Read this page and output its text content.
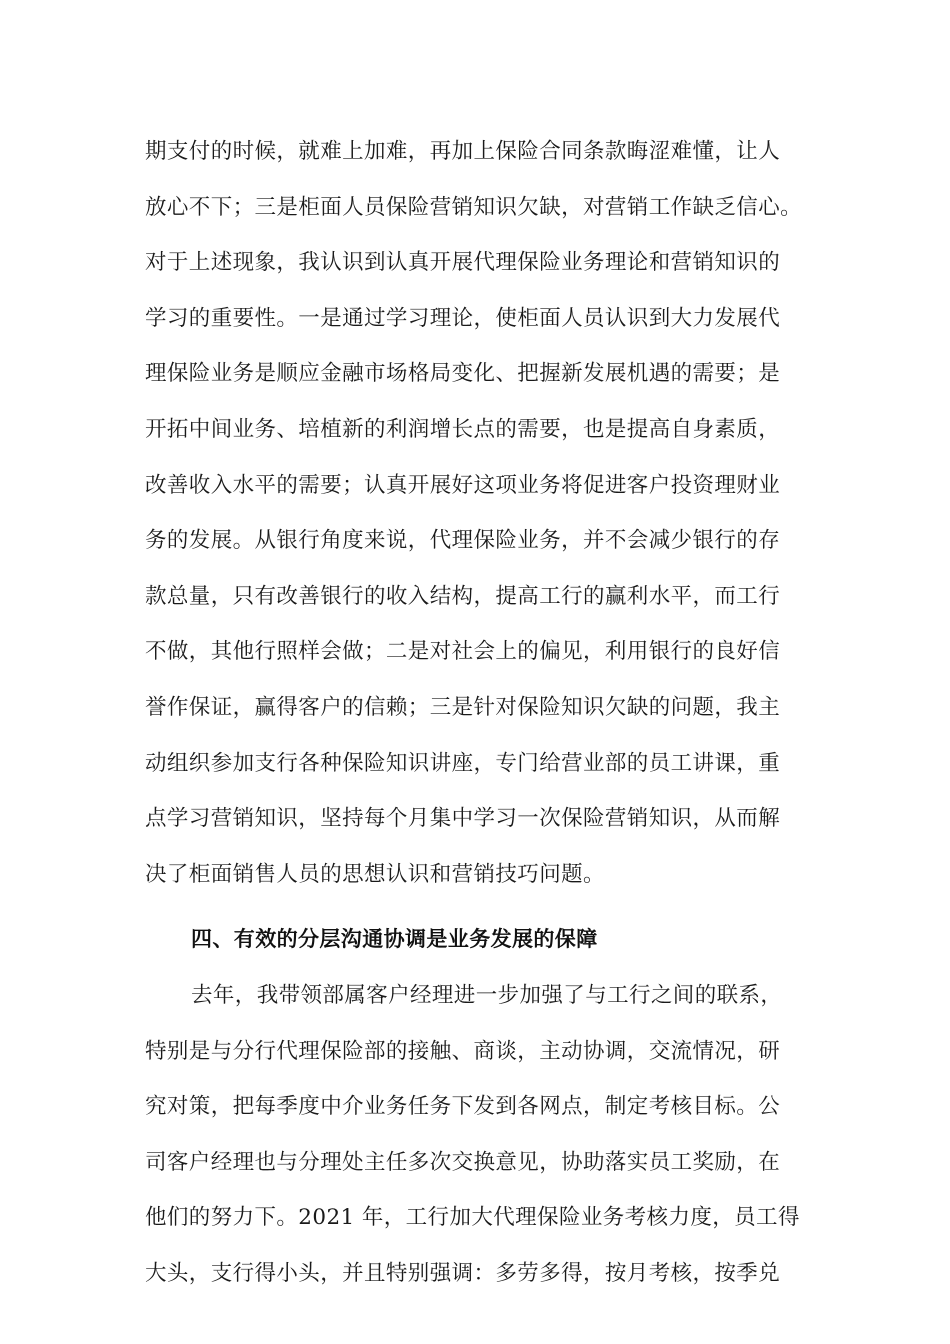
期支付的时候，就难上加难，再加上保险合同条款晦涩难懂，让人
放心不下；三是柜面人员保险营销知识欠缺，对营销工作缺乏信心。
对于上述现象，我认识到认真开展代理保险业务理论和营销知识的
学习的重要性。一是通过学习理论，使柜面人员认识到大力发展代
理保险业务是顺应金融市场格局变化、把握新发展机遇的需要；是
开拓中间业务、培植新的利润增长点的需要，也是提高自身素质，
改善收入水平的需要；认真开展好这项业务将促进客户投资理财业
务的发展。从银行角度来说，代理保险业务，并不会减少银行的存
款总量，只有改善银行的收入结构，提高工行的赢利水平，而工行
不做，其他行照样会做；二是对社会上的偏见，利用银行的良好信
誉作保证，赢得客户的信赖；三是针对保险知识欠缺的问题，我主
动组织参加支行各种保险知识讲座，专门给营业部的员工讲课，重
点学习营销知识，坚持每个月集中学习一次保险营销知识，从而解
决了柜面销售人员的思想认识和营销技巧问题。
四、有效的分层沟通协调是业务发展的保障
去年，我带领部属客户经理进一步加强了与工行之间的联系，
特别是与分行代理保险部的接触、商谈，主动协调，交流情况，研
究对策，把每季度中介业务任务下发到各网点，制定考核目标。公
司客户经理也与分理处主任多次交换意见，协助落实员工奖励，在
他们的努力下。2021 年，工行加大代理保险业务考核力度，员工得
大头，支行得小头，并且特别强调：多劳多得，按月考核，按季兑
